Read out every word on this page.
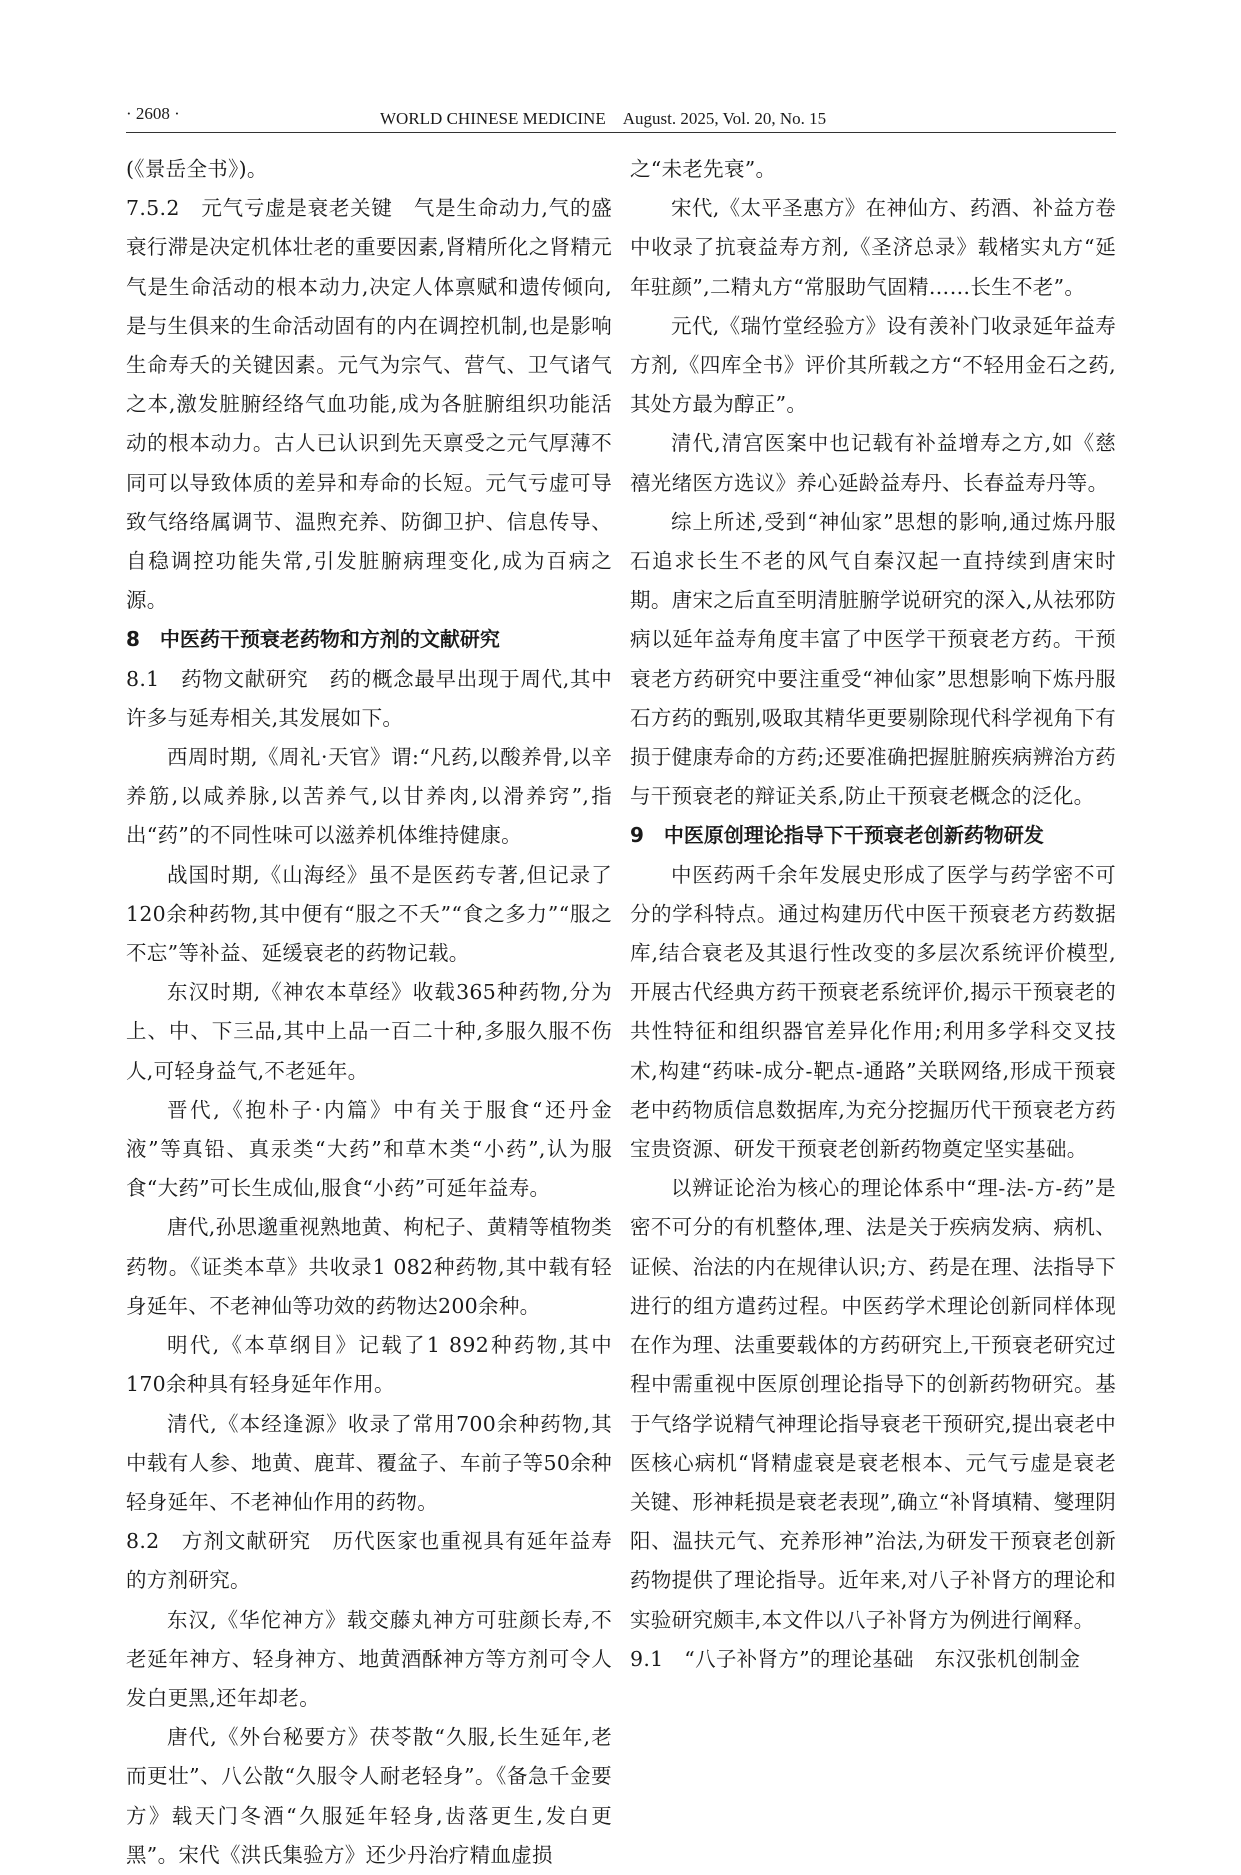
· 2608 ·	WORLD CHINESE MEDICINE　August. 2025, Vol. 20, No. 15

(《景岳全书》)。

7.5.2　元气亏虚是衰老关键　气是生命动力,气的盛衰行滞是决定机体壮老的重要因素,肾精所化之肾精元气是生命活动的根本动力,决定人体禀赋和遗传倾向,是与生俱来的生命活动固有的内在调控机制,也是影响生命寿夭的关键因素。元气为宗气、营气、卫气诸气之本,激发脏腑经络气血功能,成为各脏腑组织功能活动的根本动力。古人已认识到先天禀受之元气厚薄不同可以导致体质的差异和寿命的长短。元气亏虚可导致气络络属调节、温煦充养、防御卫护、信息传导、自稳调控功能失常,引发脏腑病理变化,成为百病之源。

8　中医药干预衰老药物和方剂的文献研究

8.1　药物文献研究　药的概念最早出现于周代,其中许多与延寿相关,其发展如下。

西周时期,《周礼·天官》谓:“凡药,以酸养骨,以辛养筋,以咸养脉,以苦养气,以甘养肉,以滑养窍”,指出“药”的不同性味可以滋养机体维持健康。

战国时期,《山海经》虽不是医药专著,但记录了120余种药物,其中便有“服之不夭”“食之多力”“服之不忘”等补益、延缓衰老的药物记载。

东汉时期,《神农本草经》收载365种药物,分为上、中、下三品,其中上品一百二十种,多服久服不伤人,可轻身益气,不老延年。

晋代,《抱朴子·内篇》中有关于服食“还丹金液”等真铅、真汞类“大药”和草木类“小药”,认为服食“大药”可长生成仙,服食“小药”可延年益寿。

唐代,孙思邈重视熟地黄、枸杞子、黄精等植物类药物。《证类本草》共收录1 082种药物,其中载有轻身延年、不老神仙等功效的药物达200余种。

明代,《本草纲目》记载了1 892种药物,其中170余种具有轻身延年作用。

清代,《本经逢源》收录了常用700余种药物,其中载有人参、地黄、鹿茸、覆盆子、车前子等50余种轻身延年、不老神仙作用的药物。

8.2　方剂文献研究　历代医家也重视具有延年益寿的方剂研究。

东汉,《华佗神方》载交藤丸神方可驻颜长寿,不老延年神方、轻身神方、地黄酒酥神方等方剂可令人发白更黑,还年却老。

唐代,《外台秘要方》茯苓散“久服,长生延年,老而更壮”、八公散“久服令人耐老轻身”。《备急千金要方》载天门冬酒“久服延年轻身,齿落更生,发白更黑”。宋代《洪氏集验方》还少丹治疗精血虚损

之“未老先衰”。

宋代,《太平圣惠方》在神仙方、药酒、补益方卷中收录了抗衰益寿方剂,《圣济总录》载楮实丸方“延年驻颜”,二精丸方“常服助气固精……长生不老”。

元代,《瑞竹堂经验方》设有羡补门收录延年益寿方剂,《四库全书》评价其所载之方“不轻用金石之药,其处方最为醇正”。

清代,清宫医案中也记载有补益增寿之方,如《慈禧光绪医方选议》养心延龄益寿丹、长春益寿丹等。

综上所述,受到“神仙家”思想的影响,通过炼丹服石追求长生不老的风气自秦汉起一直持续到唐宋时期。唐宋之后直至明清脏腑学说研究的深入,从祛邪防病以延年益寿角度丰富了中医学干预衰老方药。干预衰老方药研究中要注重受“神仙家”思想影响下炼丹服石方药的甄别,吸取其精华更要剔除现代科学视角下有损于健康寿命的方药;还要准确把握脏腑疾病辨治方药与干预衰老的辩证关系,防止干预衰老概念的泛化。

9　中医原创理论指导下干预衰老创新药物研发

中医药两千余年发展史形成了医学与药学密不可分的学科特点。通过构建历代中医干预衰老方药数据库,结合衰老及其退行性改变的多层次系统评价模型,开展古代经典方药干预衰老系统评价,揭示干预衰老的共性特征和组织器官差异化作用;利用多学科交叉技术,构建“药味-成分-靶点-通路”关联网络,形成干预衰老中药物质信息数据库,为充分挖掘历代干预衰老方药宝贵资源、研发干预衰老创新药物奠定坚实基础。

以辨证论治为核心的理论体系中“理-法-方-药”是密不可分的有机整体,理、法是关于疾病发病、病机、证候、治法的内在规律认识;方、药是在理、法指导下进行的组方遣药过程。中医药学术理论创新同样体现在作为理、法重要载体的方药研究上,干预衰老研究过程中需重视中医原创理论指导下的创新药物研究。基于气络学说精气神理论指导衰老干预研究,提出衰老中医核心病机“肾精虚衰是衰老根本、元气亏虚是衰老关键、形神耗损是衰老表现”,确立“补肾填精、燮理阴阳、温扶元气、充养形神”治法,为研发干预衰老创新药物提供了理论指导。近年来,对八子补肾方的理论和实验研究颇丰,本文件以八子补肾方为例进行阐释。

9.1　“八子补肾方”的理论基础　东汉张机创制金
